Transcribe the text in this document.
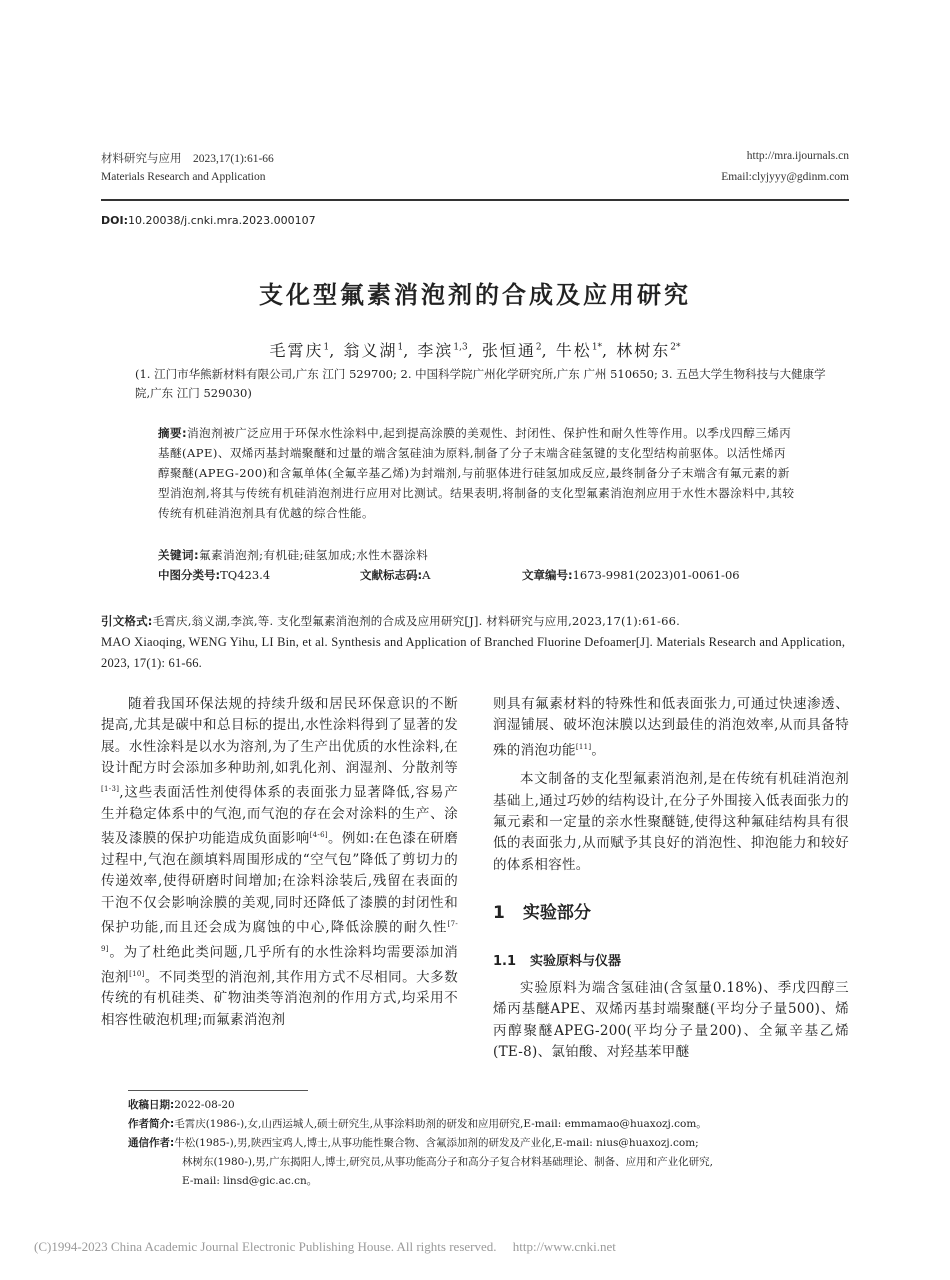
材料研究与应用　2023,17(1):61-66
Materials Research and Application
http://mra.ijournals.cn
Email:clyjyyy@gdinm.com
DOI:10.20038/j.cnki.mra.2023.000107
支化型氟素消泡剂的合成及应用研究
毛霄庆$^1$, 翁义湖$^1$, 李滨$^{1,3}$, 张恒通$^2$, 牛松$^{1*}$, 林树东$^{2*}$
(1. 江门市华熊新材料有限公司,广东 江门 529700; 2. 中国科学院广州化学研究所,广东 广州 510650; 3. 五邑大学生物科技与大健康学院,广东 江门 529030)
摘要:消泡剂被广泛应用于环保水性涂料中,起到提高涂膜的美观性、封闭性、保护性和耐久性等作用。以季戊四醇三烯丙基醚(APE)、双烯丙基封端聚醚和过量的端含氢硅油为原料,制备了分子末端含硅氢键的支化型结构前驱体。以活性烯丙醇聚醚(APEG-200)和含氟单体(全氟辛基乙烯)为封端剂,与前驱体进行硅氢加成反应,最终制备分子末端含有氟元素的新型消泡剂,将其与传统有机硅消泡剂进行应用对比测试。结果表明,将制备的支化型氟素消泡剂应用于水性木器涂料中,其较传统有机硅消泡剂具有优越的综合性能。
关键词:氟素消泡剂;有机硅;硅氢加成;水性木器涂料
中图分类号:TQ423.4	文献标志码:A	文章编号:1673-9981(2023)01-0061-06
引文格式:毛霄庆,翁义湖,李滨,等. 支化型氟素消泡剂的合成及应用研究[J]. 材料研究与应用,2023,17(1):61-66.
MAO Xiaoqing, WENG Yihu, LI Bin, et al. Synthesis and Application of Branched Fluorine Defoamer[J]. Materials Research and Application, 2023, 17(1): 61-66.

随着我国环保法规的持续升级和居民环保意识的不断提高,尤其是碳中和总目标的提出,水性涂料得到了显著的发展。水性涂料是以水为溶剂,为了生产出优质的水性涂料,在设计配方时会添加多种助剂,如乳化剂、润湿剂、分散剂等[1-3],这些表面活性剂使得体系的表面张力显著降低,容易产生并稳定体系中的气泡,而气泡的存在会对涂料的生产、涂装及漆膜的保护功能造成负面影响[4-6]。例如:在色漆在研磨过程中,气泡在颜填料周围形成的“空气包”降低了剪切力的传递效率,使得研磨时间增加;在涂料涂装后,残留在表面的干泡不仅会影响涂膜的美观,同时还降低了漆膜的封闭性和保护功能,而且还会成为腐蚀的中心,降低涂膜的耐久性[7-9]。为了杜绝此类问题,几乎所有的水性涂料均需要添加消泡剂[10]。不同类型的消泡剂,其作用方式不尽相同。大多数传统的有机硅类、矿物油类等消泡剂的作用方式,均采用不相容性破泡机理;而氟素消泡剂

则具有氟素材料的特殊性和低表面张力,可通过快速渗透、润湿铺展、破坏泡沫膜以达到最佳的消泡效率,从而具备特殊的消泡功能[11]。

本文制备的支化型氟素消泡剂,是在传统有机硅消泡剂基础上,通过巧妙的结构设计,在分子外围接入低表面张力的氟元素和一定量的亲水性聚醚链,使得这种氟硅结构具有很低的表面张力,从而赋予其良好的消泡性、抑泡能力和较好的体系相容性。

1 实验部分
1.1 实验原料与仪器

实验原料为端含氢硅油(含氢量0.18%)、季戊四醇三烯丙基醚APE、双烯丙基封端聚醚(平均分子量500)、烯丙醇聚醚APEG-200(平均分子量200)、全氟辛基乙烯(TE-8)、氯铂酸、对羟基苯甲醚

收稿日期:2022-08-20
作者简介:毛霄庆(1986-),女,山西运城人,硕士研究生,从事涂料助剂的研发和应用研究,E-mail: emmamao@huaxozj.com。
通信作者:牛松(1985-),男,陕西宝鸡人,博士,从事功能性聚合物、含氟添加剂的研发及产业化,E-mail: nius@huaxozj.com;
林树东(1980-),男,广东揭阳人,博士,研究员,从事功能高分子和高分子复合材料基础理论、制备、应用和产业化研究,
E-mail: linsd@gic.ac.cn。
(C)1994-2023 China Academic Journal Electronic Publishing House. All rights reserved.　 http://www.cnki.net
